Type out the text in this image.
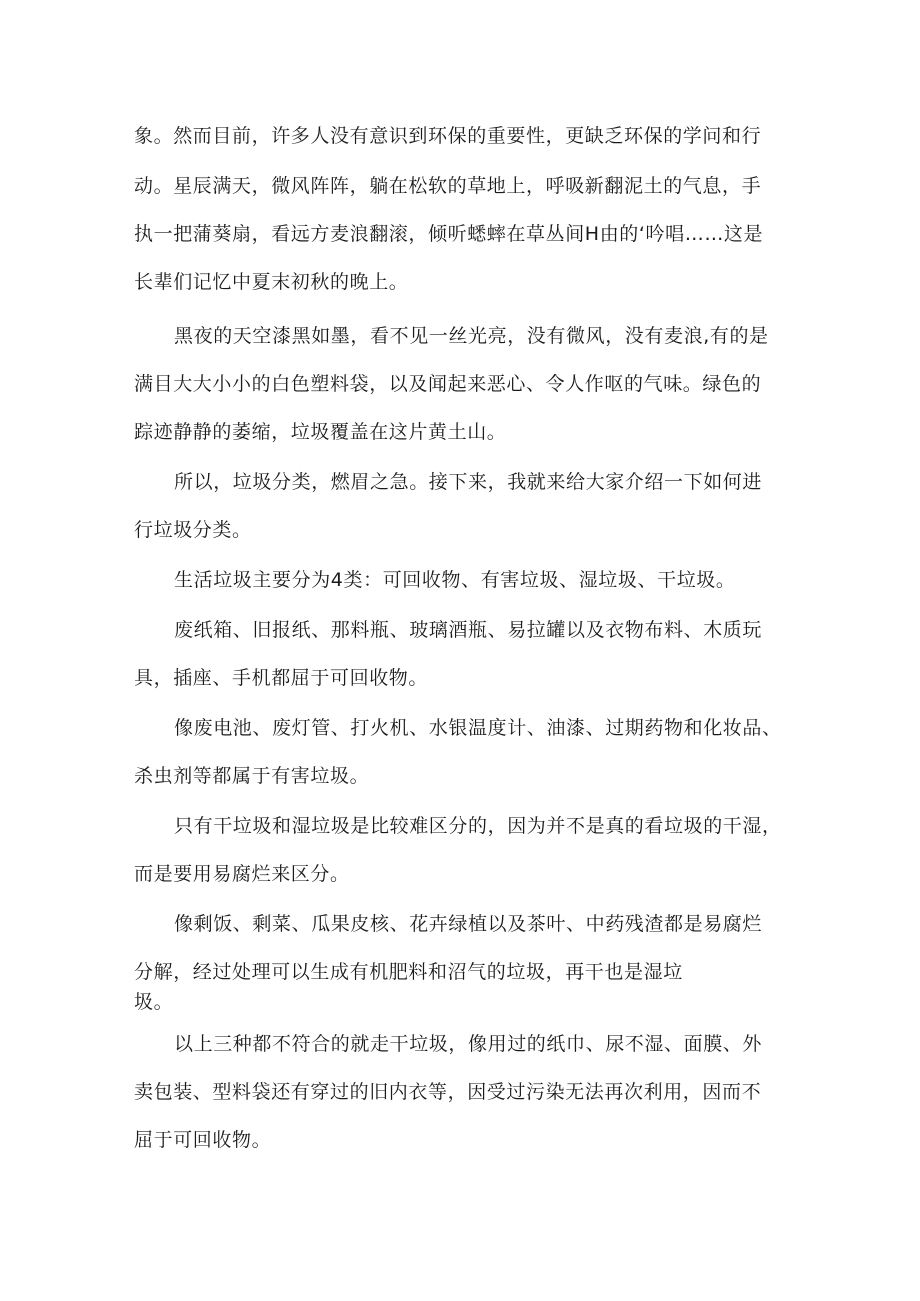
象。然而目前，许多人没有意识到环保的重要性，更缺乏环保的学问和行
动。星辰满天，微风阵阵，躺在松软的草地上，呼吸新翻泥土的气息，手
执一把蒲葵扇，看远方麦浪翻滚，倾听蟋蟀在草丛间H由的‘吟唱……这是
长辈们记忆中夏末初秋的晚上。
黑夜的天空漆黑如墨，看不见一丝光亮，没有微风，没有麦浪,有的是
满目大大小小的白色塑料袋，以及闻起来恶心、令人作呕的气味。绿色的
踪迹静静的萎缩，垃圾覆盖在这片黄土山。
所以，垃圾分类，燃眉之急。接下来，我就来给大家介绍一下如何进
行垃圾分类。
生活垃圾主要分为4类：可回收物、有害垃圾、湿垃圾、干垃圾。
废纸箱、旧报纸、那料瓶、玻璃酒瓶、易拉罐以及衣物布料、木质玩
具，插座、手机都屈于可回收物。
像废电池、废灯管、打火机、水银温度计、油漆、过期药物和化妆品、
杀虫剂等都属于有害垃圾。
只有干垃圾和湿垃圾是比较难区分的，因为并不是真的看垃圾的干湿，
而是要用易腐烂来区分。
像剩饭、剩菜、瓜果皮核、花卉绿植以及茶叶、中药残渣都是易腐烂
分解，经过处理可以生成有机肥料和沼气的垃圾，再干也是湿垃
圾。
以上三种都不符合的就走干垃圾，像用过的纸巾、尿不湿、面膜、外
卖包装、型料袋还有穿过的旧内衣等，因受过污染无法再次利用，因而不
屈于可回收物。
